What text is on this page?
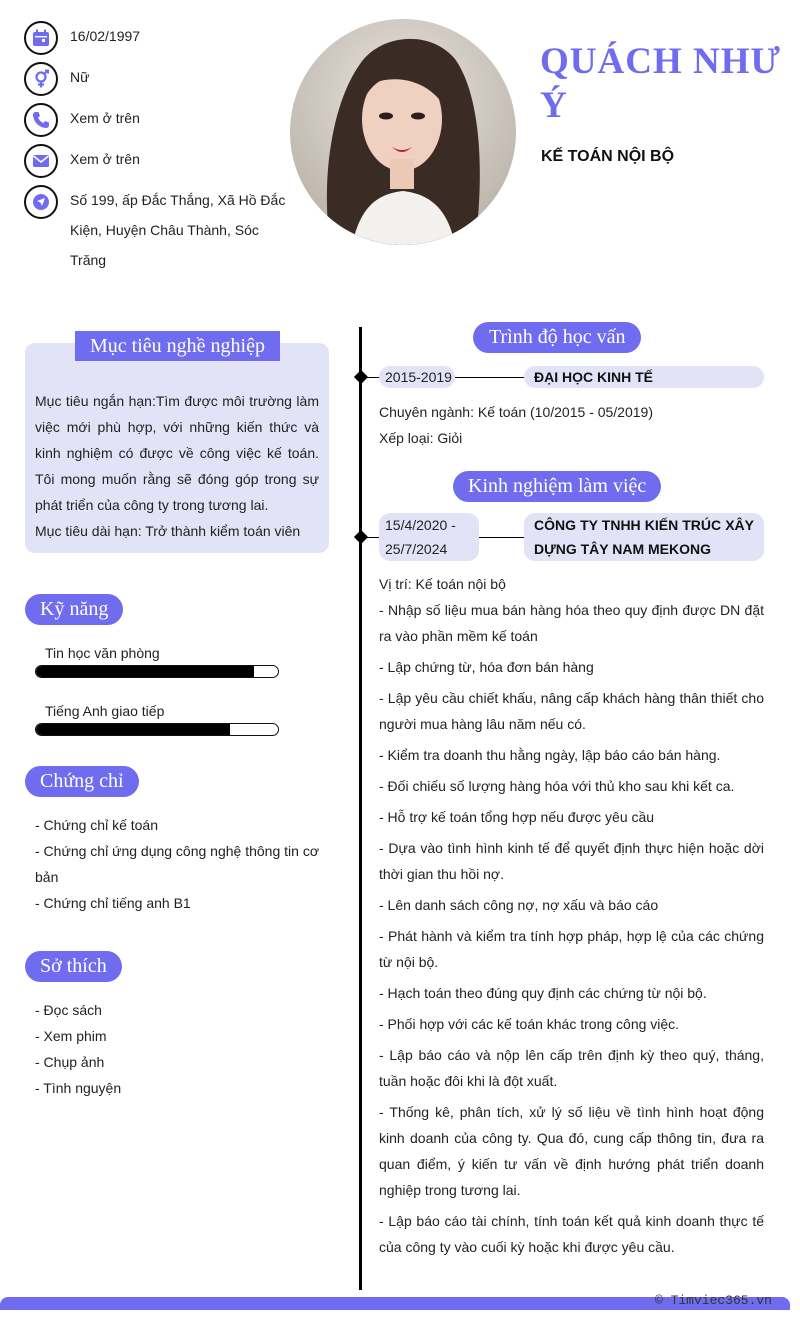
16/02/1997
Nữ
Xem ở trên
Xem ở trên
Số 199, ấp Đắc Thắng, Xã Hồ Đắc Kiện, Huyện Châu Thành, Sóc Trăng
QUÁCH NHƯ Ý
KẾ TOÁN NỘI BỘ
Mục tiêu nghề nghiệp

Mục tiêu ngắn hạn:Tìm được môi trường làm việc mới phù hợp, với những kiến thức và kinh nghiệm có được về công việc kế toán. Tôi mong muốn rằng sẽ đóng góp trong sự phát triển của công ty trong tương lai.

Mục tiêu dài hạn: Trở thành kiểm toán viên

Kỹ năng
Tin học văn phòng
Tiếng Anh giao tiếp
Chứng chỉ
- Chứng chỉ kế toán
- Chứng chỉ ứng dụng công nghệ thông tin cơ bản
- Chứng chỉ tiếng anh B1
Sở thích
- Đọc sách
- Xem phim
- Chụp ảnh
- Tình nguyện
Trình độ học vấn
2015-2019	ĐẠI HỌC KINH TẾ
Chuyên ngành: Kế toán (10/2015 - 05/2019)
Xếp loại: Giỏi
Kinh nghiệm làm việc
15/4/2020 -
25/7/2024
CÔNG TY TNHH KIẾN TRÚC XÂY DỰNG TÂY NAM MEKONG
Vị trí: Kế toán nội bộ

- Nhập số liệu mua bán hàng hóa theo quy định được DN đặt ra vào phần mềm kế toán

- Lập chứng từ, hóa đơn bán hàng

- Lập yêu cầu chiết khấu, nâng cấp khách hàng thân thiết cho người mua hàng lâu năm nếu có.

- Kiểm tra doanh thu hằng ngày, lập báo cáo bán hàng.

- Đối chiếu số lượng hàng hóa với thủ kho sau khi kết ca.

- Hỗ trợ kế toán tổng hợp nếu được yêu cầu

- Dựa vào tình hình kinh tế để quyết định thực hiện hoặc dời thời gian thu hồi nợ.

- Lên danh sách công nợ, nợ xấu và báo cáo

- Phát hành và kiểm tra tính hợp pháp, hợp lệ của các chứng từ nội bộ.

- Hạch toán theo đúng quy định các chứng từ nội bộ.

- Phối hợp với các kế toán khác trong công việc.

- Lập báo cáo và nộp lên cấp trên định kỳ theo quý, tháng, tuần hoặc đôi khi là đột xuất.

- Thống kê, phân tích, xử lý số liệu về tình hình hoạt động kinh doanh của công ty. Qua đó, cung cấp thông tin, đưa ra quan điểm, ý kiến tư vấn về định hướng phát triển doanh nghiệp trong tương lai.

- Lập báo cáo tài chính, tính toán kết quả kinh doanh thực tế của công ty vào cuối kỳ hoặc khi được yêu cầu.

© Timviec365.vn
